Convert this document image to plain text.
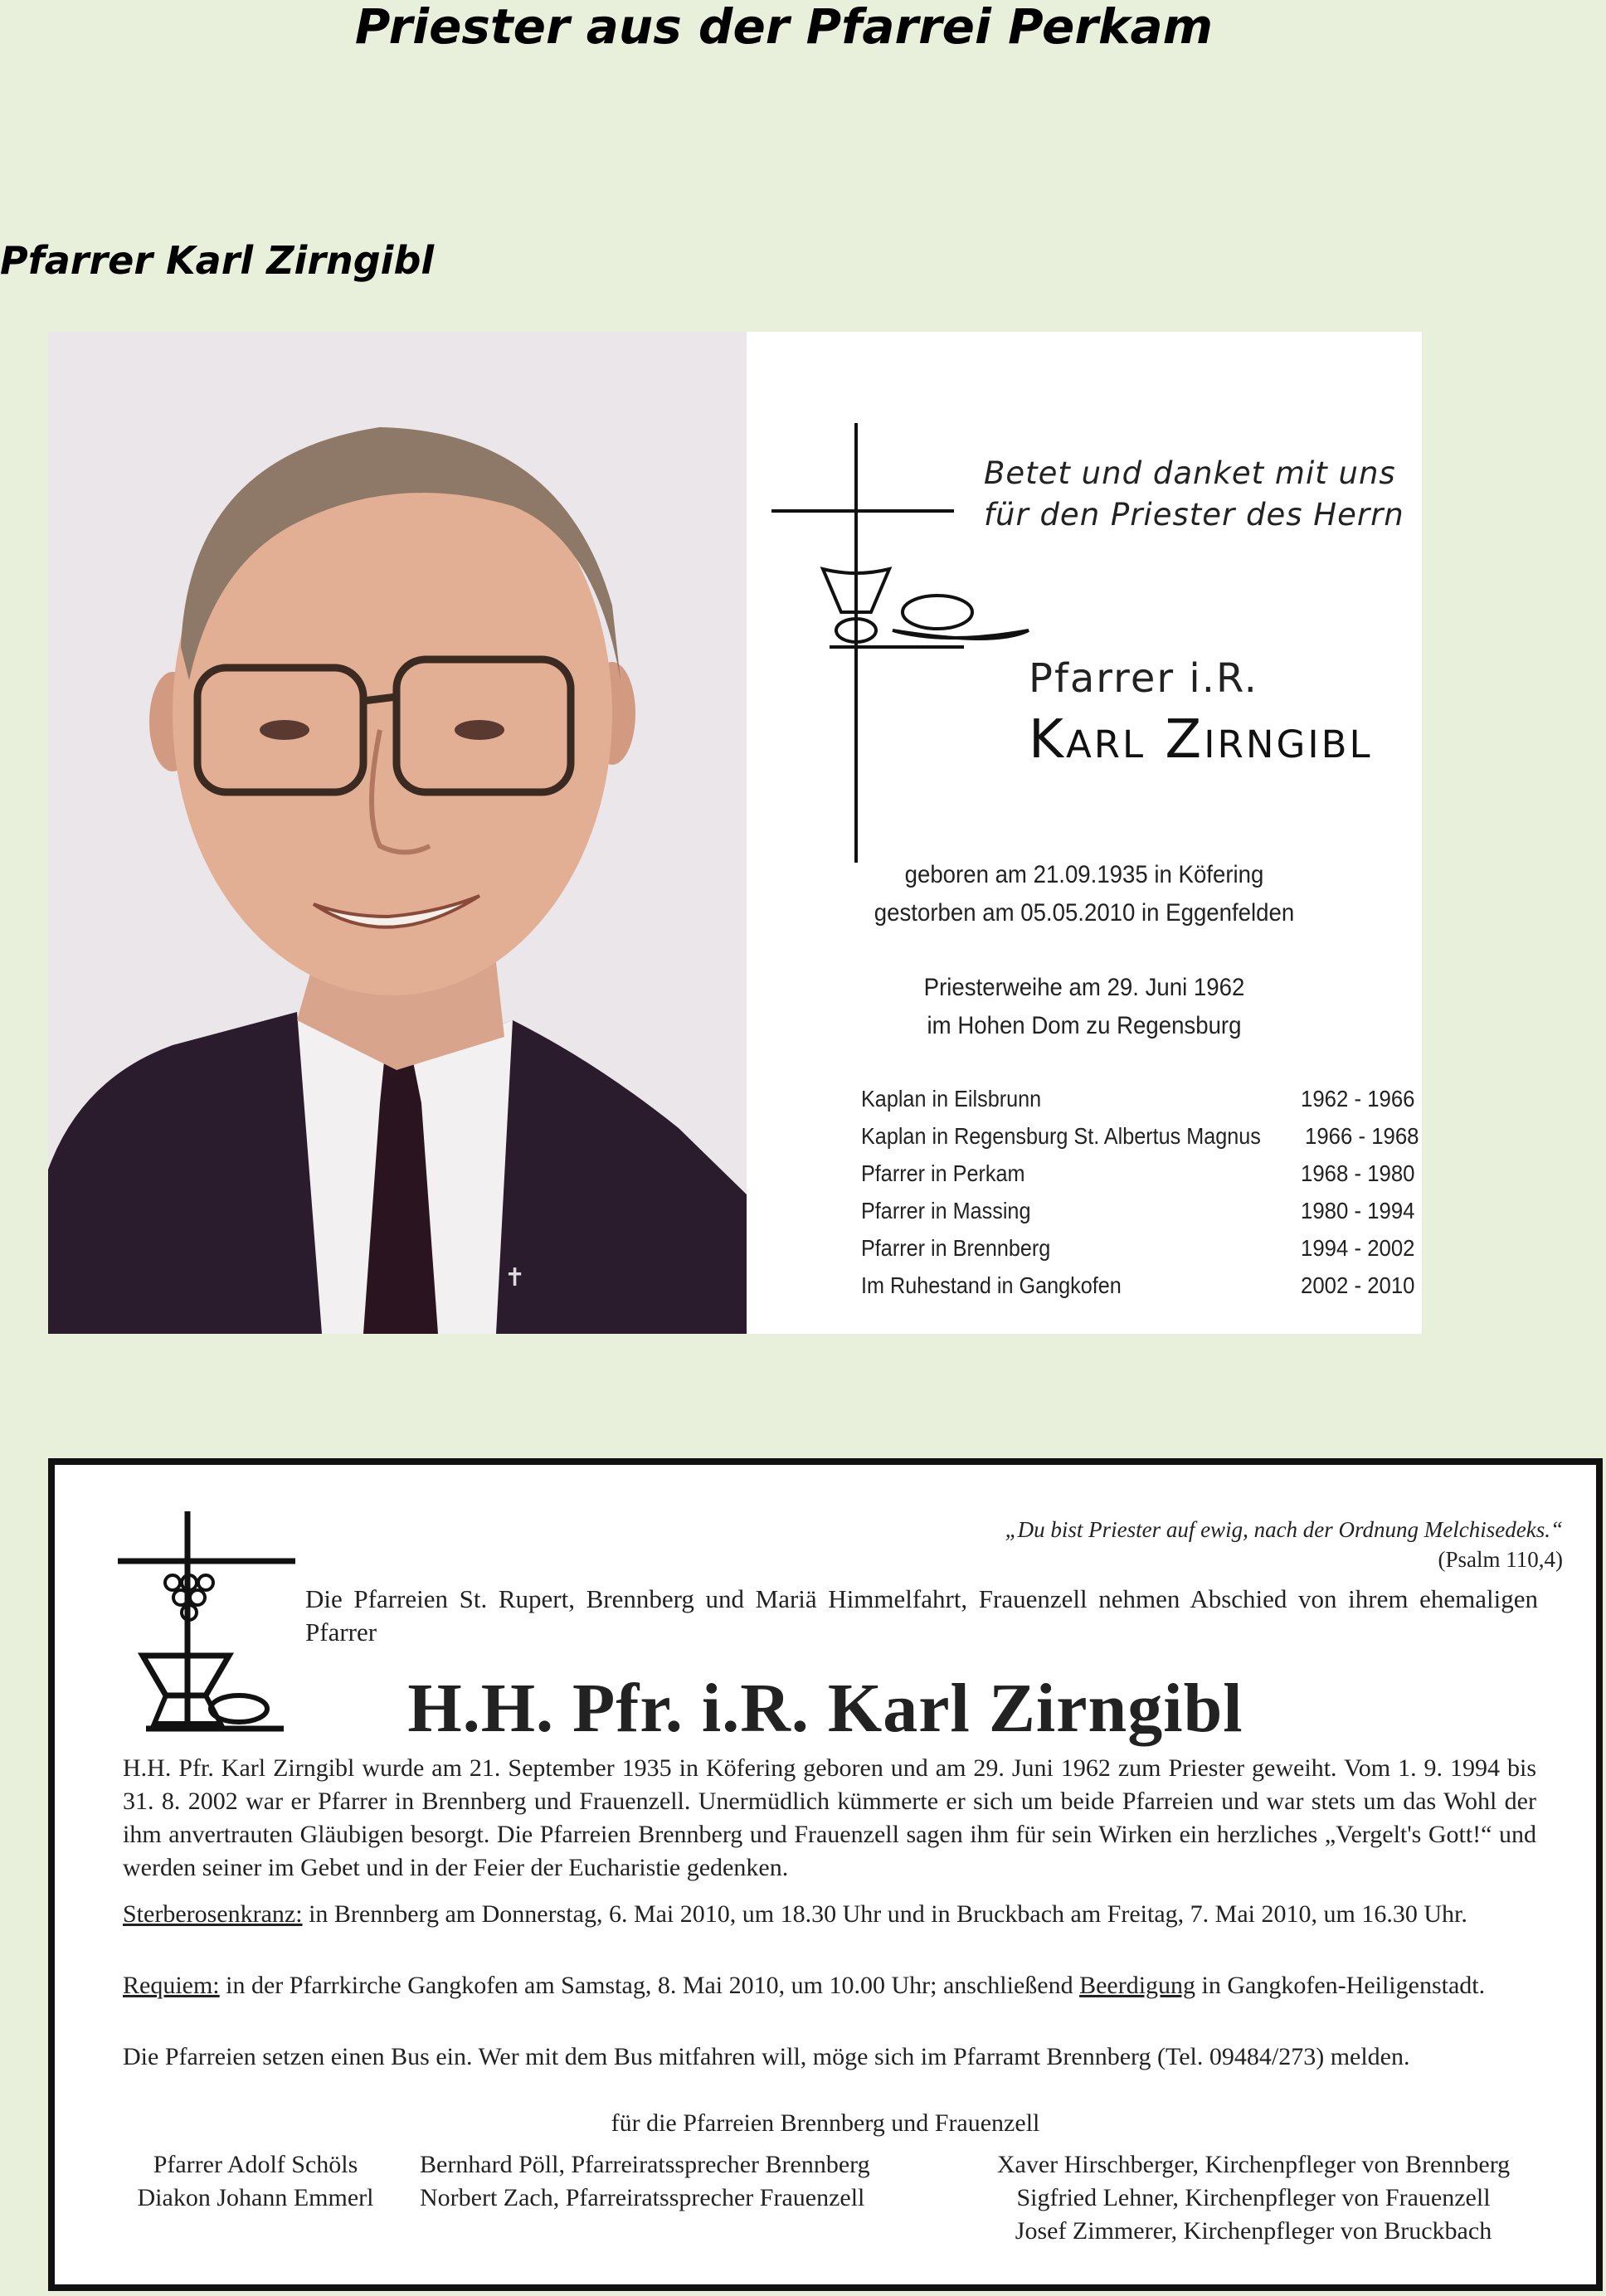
Priester aus der Pfarrei Perkam
Pfarrer Karl Zirngibl
✝
Betet und danket mit uns
für den Priester des Herrn
Pfarrer i.R.
Karl Zirngibl
geboren am 21.09.1935 in Köfering
gestorben am 05.05.2010 in Eggenfelden
Priesterweihe am 29. Juni 1962
im Hohen Dom zu Regensburg
Kaplan in Eilsbrunn	1962 - 1966
Kaplan in Regensburg St. Albertus Magnus 1966 - 1968
Pfarrer in Perkam	1968 - 1980
Pfarrer in Massing	1980 - 1994
Pfarrer in Brennberg	1994 - 2002
Im Ruhestand in Gangkofen	2002 - 2010
„Du bist Priester auf ewig, nach der Ordnung Melchisedeks.“
(Psalm 110,4)
Die Pfarreien St. Rupert, Brennberg und Mariä Himmelfahrt, Frauenzell nehmen Abschied von ihrem ehemaligen Pfarrer
H.H. Pfr. i.R. Karl Zirngibl
H.H. Pfr. Karl Zirngibl wurde am 21. September 1935 in Köfering geboren und am 29. Juni 1962 zum Priester geweiht. Vom 1. 9. 1994 bis 31. 8. 2002 war er Pfarrer in Brennberg und Frauenzell. Unermüdlich kümmerte er sich um beide Pfarreien und war stets um das Wohl der ihm anvertrauten Gläubigen besorgt. Die Pfarreien Brennberg und Frauenzell sagen ihm für sein Wirken ein herzliches „Vergelt's Gott!“ und werden seiner im Gebet und in der Feier der Eucharistie gedenken.
Sterberosenkranz: in Brennberg am Donnerstag, 6. Mai 2010, um 18.30 Uhr und in Bruckbach am Freitag, 7. Mai 2010, um 16.30 Uhr.
Requiem: in der Pfarrkirche Gangkofen am Samstag, 8. Mai 2010, um 10.00 Uhr; anschließend Beerdigung in Gangkofen-Heiligenstadt.
Die Pfarreien setzen einen Bus ein. Wer mit dem Bus mitfahren will, möge sich im Pfarramt Brennberg (Tel. 09484/273) melden.
für die Pfarreien Brennberg und Frauenzell
Pfarrer Adolf Schöls
Diakon Johann Emmerl
Bernhard Pöll, Pfarreiratssprecher Brennberg
Norbert Zach, Pfarreiratssprecher Frauenzell
Xaver Hirschberger, Kirchenpfleger von Brennberg
Sigfried Lehner, Kirchenpfleger von Frauenzell
Josef Zimmerer, Kirchenpfleger von Bruckbach
